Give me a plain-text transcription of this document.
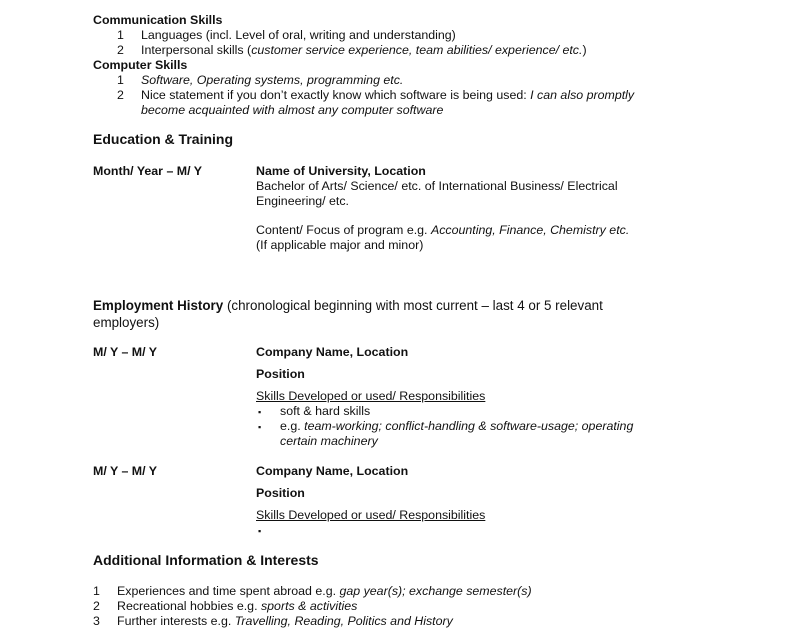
Communication Skills
1 Languages (incl. Level of oral, writing and understanding)
2 Interpersonal skills (customer service experience, team abilities/ experience/ etc.)
Computer Skills
1 Software, Operating systems, programming etc.
2 Nice statement if you don’t exactly know which software is being used: I can also promptly
become acquainted with almost any computer software
Education & Training
Month/ Year – M/ Y	Name of University, Location
Bachelor of Arts/ Science/ etc. of International Business/ Electrical
Engineering/ etc.
Content/ Focus of program e.g. Accounting, Finance, Chemistry etc.
(If applicable major and minor)
Employment History (chronological beginning with most current – last 4 or 5 relevant
employers)
M/ Y – M/ Y	Company Name, Location
Position
Skills Developed or used/ Responsibilities
▪ soft & hard skills
▪ e.g. team-working; conflict-handling & software-usage; operating
certain machinery
M/ Y – M/ Y	Company Name, Location
Position
Skills Developed or used/ Responsibilities
▪
Additional Information & Interests
1 Experiences and time spent abroad e.g. gap year(s); exchange semester(s)
2 Recreational hobbies e.g. sports & activities
3 Further interests e.g. Travelling, Reading, Politics and History
